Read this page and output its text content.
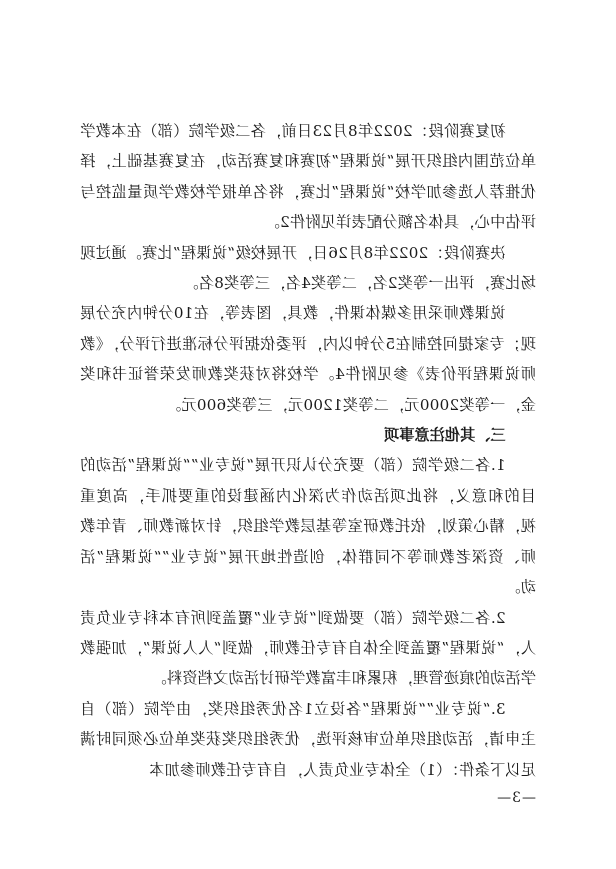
初复赛阶段：2022年8月23日前，各二级学院（部）在本教学单位范围内组织开展“说课程”初赛和复赛活动，在复赛基础上，择优推荐人选参加学校“说课程”比赛，将名单报学校教学质量监控与评估中心，具体名额分配表详见附件2。

决赛阶段：2022年8月26日，开展校级“说课程”比赛。通过现场比赛，评出一等奖2名，二等奖4名，三等奖8名。

说课教师采用多媒体课件，教具，图表等，在10分钟内充分展现；专家提问控制在5分钟以内，评委依据评分标准进行评分，《教师说课程评价表》参见附件4。学校将对获奖教师发荣誉证书和奖金，一等奖2000元，二等奖1200元，三等奖600元。

三、其他注意事项

1.各二级学院（部）要充分认识开展“说专业”“说课程”活动的目的和意义，将此项活动作为深化内涵建设的重要抓手，高度重视，精心策划，依托教研室等基层教学组织，针对新教师、青年教师、资深老教师等不同群体，创造性地开展“说专业”“说课程”活动。

2.各二级学院（部）要做到“说专业”覆盖到所有本科专业负责人，“说课程”覆盖到全体自有专任教师，做到“人人说课”，加强教学活动的痕迹管理，积累和丰富教学研讨活动文档资料。

3.“说专业”“说课程”各设立1名优秀组织奖，由学院（部）自主申请，活动组织单位审核评选，优秀组织奖获奖单位必须同时满足以下条件：（1）全体专业负责人，自有专任教师参加本

—3—
